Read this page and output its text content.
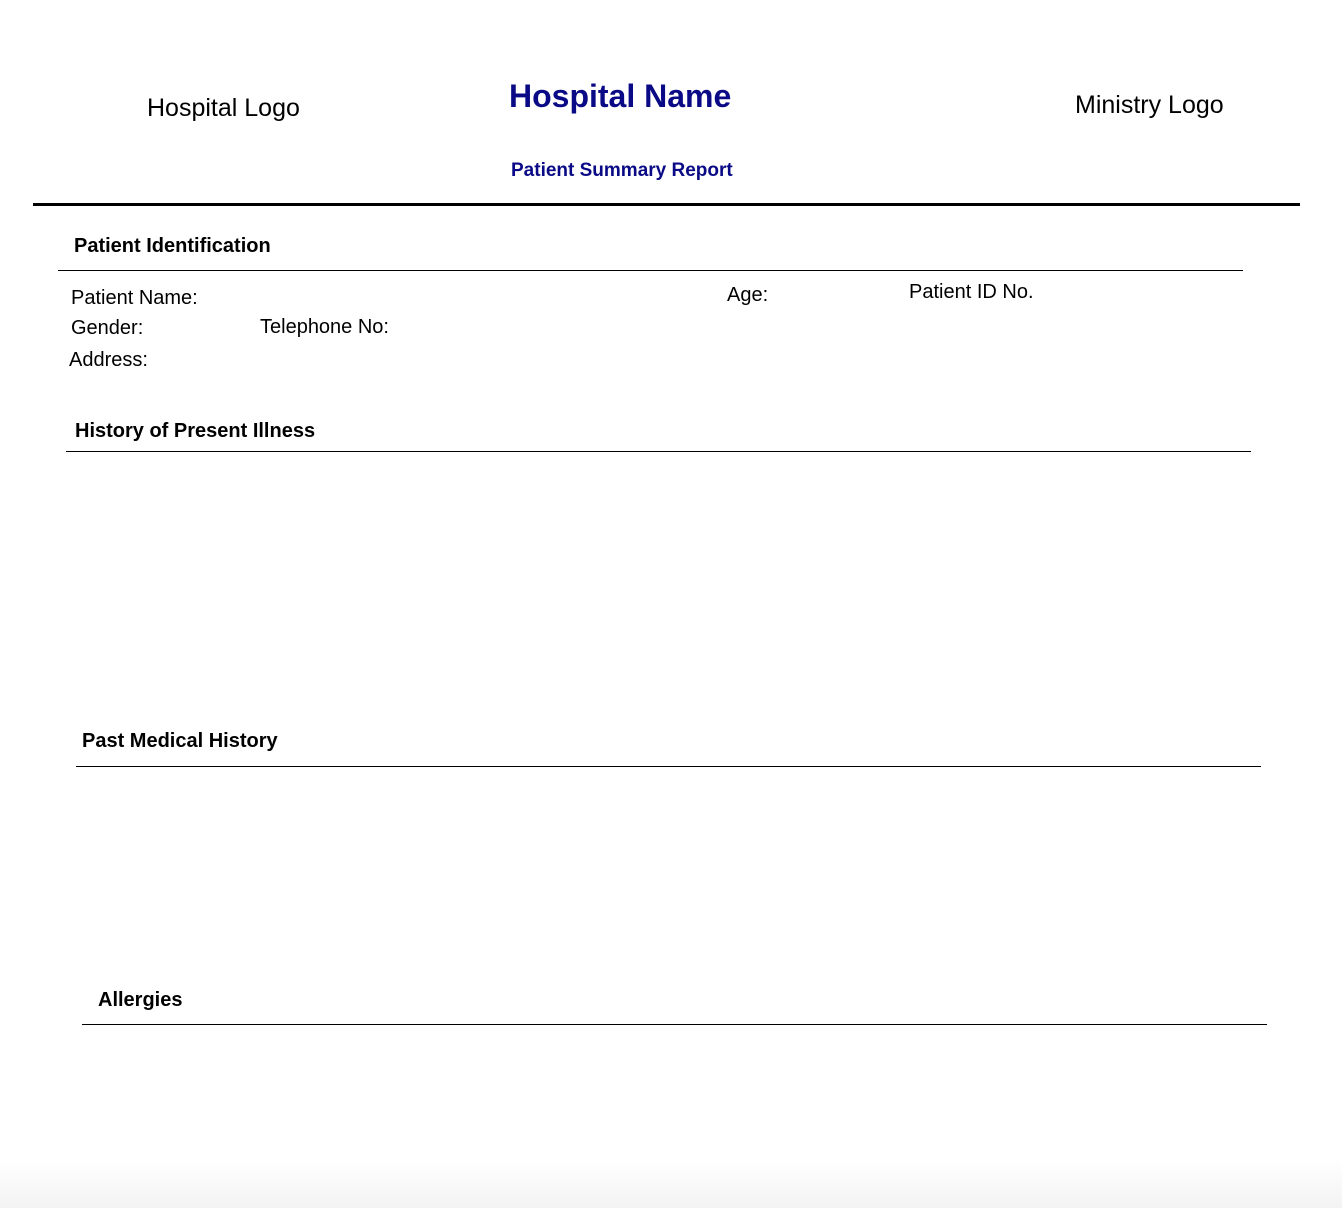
Hospital Logo	Hospital Name	Ministry Logo
Patient Summary Report
Patient Identification
Patient Name:	Age:	Patient ID No.
Gender:	Telephone No:
Address:
History of Present Illness
Past Medical History
Allergies
